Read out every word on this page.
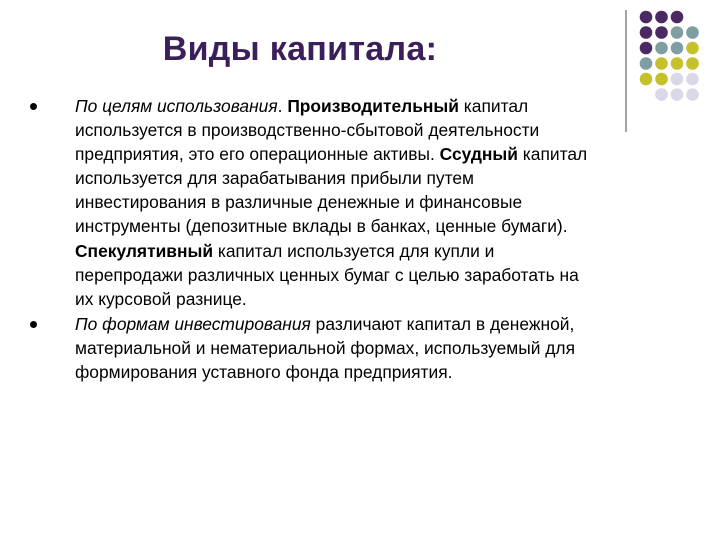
Виды капитала:

По целям использования. Производительный капитал используется в производственно-сбытовой деятельности предприятия, это его операционные активы. Ссудный капитал используется для зарабатывания прибыли путем инвестирования в различные денежные и финансовые инструменты (депозитные вклады в банках, ценные бумаги). Спекулятивный капитал используется для купли и перепродажи различных ценных бумаг с целью заработать на их курсовой разнице.

По формам инвестирования различают капитал в денежной, материальной и нематериальной формах, используемый для формирования уставного фонда предприятия.
